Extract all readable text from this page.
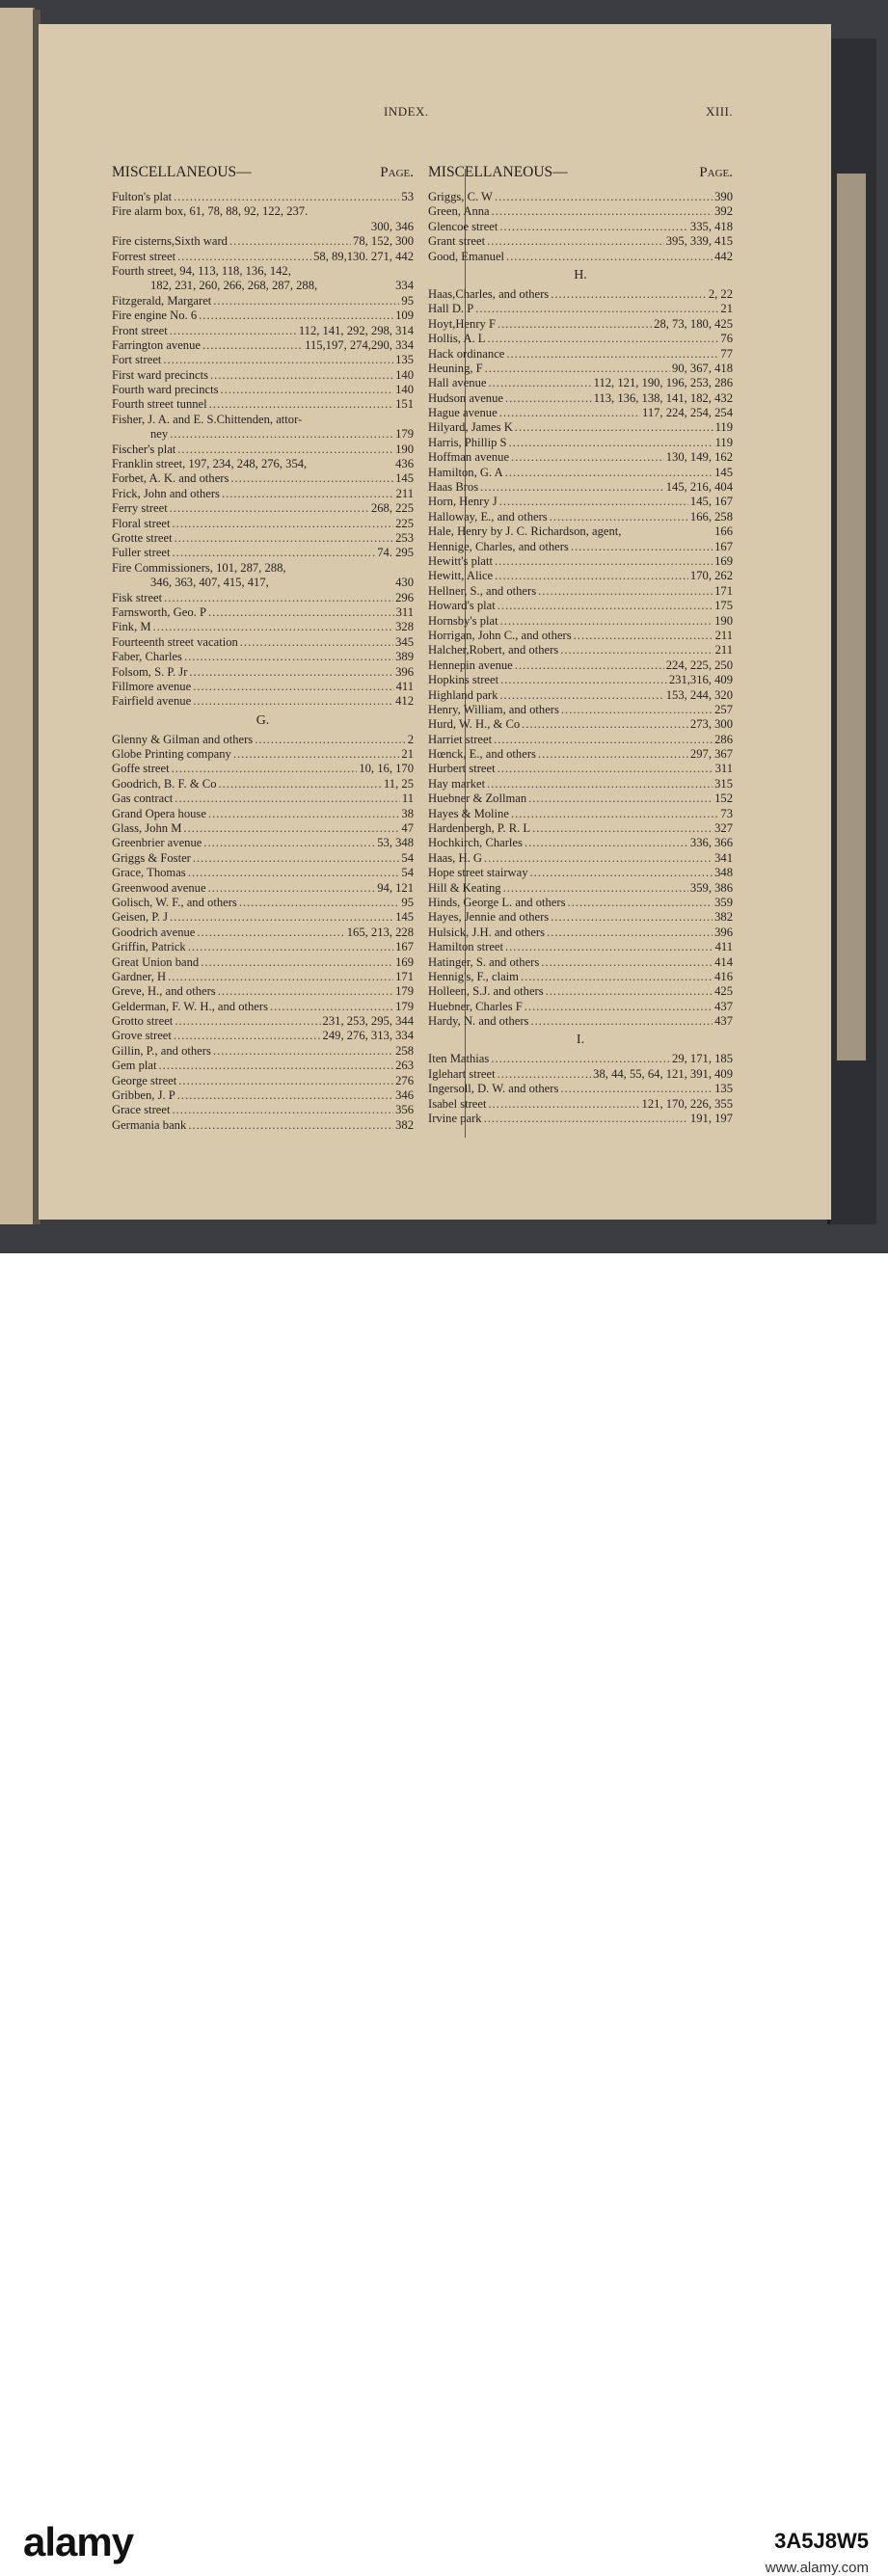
INDEX.	XIII.
MISCELLANEOUS—	Page.
Fulton's plat .....	53
Fire alarm box, 61, 78, 88, 92, 122, 237.
300, 346
Fire cisterns,Sixth ward .....	78, 152, 300
Forrest street .....	58, 89,130. 271, 442
Fourth street, 94, 113, 118, 136, 142,
182, 231, 260, 266, 268, 287, 288,	334
Fitzgerald, Margaret .....	95
Fire engine No. 6 .....	109
Front street .....	112, 141, 292, 298, 314
Farrington avenue .....	115,197, 274,290, 334
Fort street .....	135
First ward precincts .....	140
Fourth ward precincts .....	140
Fourth street tunnel .....	151
Fisher, J. A. and E. S.Chittenden, attor-
ney .....	179
Fischer's plat .....	190
Franklin street, 197, 234, 248, 276, 354,	436
Forbet, A. K. and others .....	145
Frick, John and others .....	211
Ferry street .....	268, 225
Floral street .....	225
Grotte street .....	253
Fuller street .....	74. 295
Fire Commissioners, 101, 287, 288,
346, 363, 407, 415, 417,	430
Fisk street .....	296
Farnsworth, Geo. P .....	311
Fink, M .....	328
Fourteenth street vacation .....	345
Faber, Charles .....	389
Folsom, S. P. Jr .....	396
Fillmore avenue .....	411
Fairfield avenue .....	412
G.
Glenny & Gilman and others .....	2
Globe Printing company .....	21
Goffe street .....	10, 16, 170
Goodrich, B. F. & Co .....	11, 25
Gas contract .....	11
Grand Opera house .....	38
Glass, John M .....	47
Greenbrier avenue .....	53, 348
Griggs & Foster .....	54
Grace, Thomas .....	54
Greenwood avenue .....	94, 121
Golisch, W. F., and others .....	95
Geisen, P. J .....	145
Goodrich avenue .....	165, 213, 228
Griffin, Patrick .....	167
Great Union band .....	169
Gardner, H .....	171
Greve, H., and others .....	179
Gelderman, F. W. H., and others .....	179
Grotto street .....	231, 253, 295, 344
Grove street .....	249, 276, 313, 334
Gillin, P., and others .....	258
Gem plat .....	263
George street .....	276
Gribben, J. P .....	346
Grace street .....	356
Germania bank .....	382
MISCELLANEOUS—	Page.
Griggs, C. W .....	390
Green, Anna .....	392
Glencoe street .....	335, 418
Grant street .....	395, 339, 415
Good, Emanuel .....	442
H.
Haas,Charles, and others .....	2, 22
Hall D. P .....	21
Hoyt,Henry F .....	28, 73, 180, 425
Hollis, A. L .....	76
Hack ordinance .....	77
Heuning, F .....	90, 367, 418
Hall avenue .....	112, 121, 190, 196, 253, 286
Hudson avenue .....	113, 136, 138, 141, 182, 432
Hague avenue .....	117, 224, 254, 254
Hilyard, James K .....	119
Harris, Phillip S .....	119
Hoffman avenue .....	130, 149, 162
Hamilton, G. A .....	145
Haas Bros .....	145, 216, 404
Horn, Henry J .....	145, 167
Halloway, E., and others .....	166, 258
Hale, Henry by J. C. Richardson, agent,	166
Hennige, Charles, and others .....	167
Hewitt's platt .....	169
Hewitt, Alice .....	170, 262
Hellner, S., and others .....	171
Howard's plat .....	175
Hornsby's plat .....	190
Horrigan, John C., and others .....	211
Halcher,Robert, and others .....	211
Hennepin avenue .....	224, 225, 250
Hopkins street .....	231,316, 409
Highland park .....	153, 244, 320
Henry, William, and others .....	257
Hurd, W. H., & Co .....	273, 300
Harriet street .....	286
Hœnck, E., and others .....	297, 367
Hurbert street .....	311
Hay market .....	315
Huebner & Zollman .....	152
Hayes & Moline .....	73
Hardenbergh, P. R. L .....	327
Hochkirch, Charles .....	336, 366
Haas, H. G .....	341
Hope street stairway .....	348
Hill & Keating .....	359, 386
Hinds, George L. and others .....	359
Hayes, Jennie and others .....	382
Hulsick, J.H. and others .....	396
Hamilton street .....	411
Hatinger, S. and others .....	414
Hennig's, F., claim .....	416
Holleen, S.J. and others .....	425
Huebner, Charles F .....	437
Hardy, N. and others .....	437
I.
Iten Mathias .....	29, 171, 185
Iglehart street .....	38, 44, 55, 64, 121, 391, 409
Ingersoll, D. W. and others .....	135
Isabel street .....	121, 170, 226, 355
Irvine park .....	191, 197
alamy	3A5J8W5
www.alamy.com
